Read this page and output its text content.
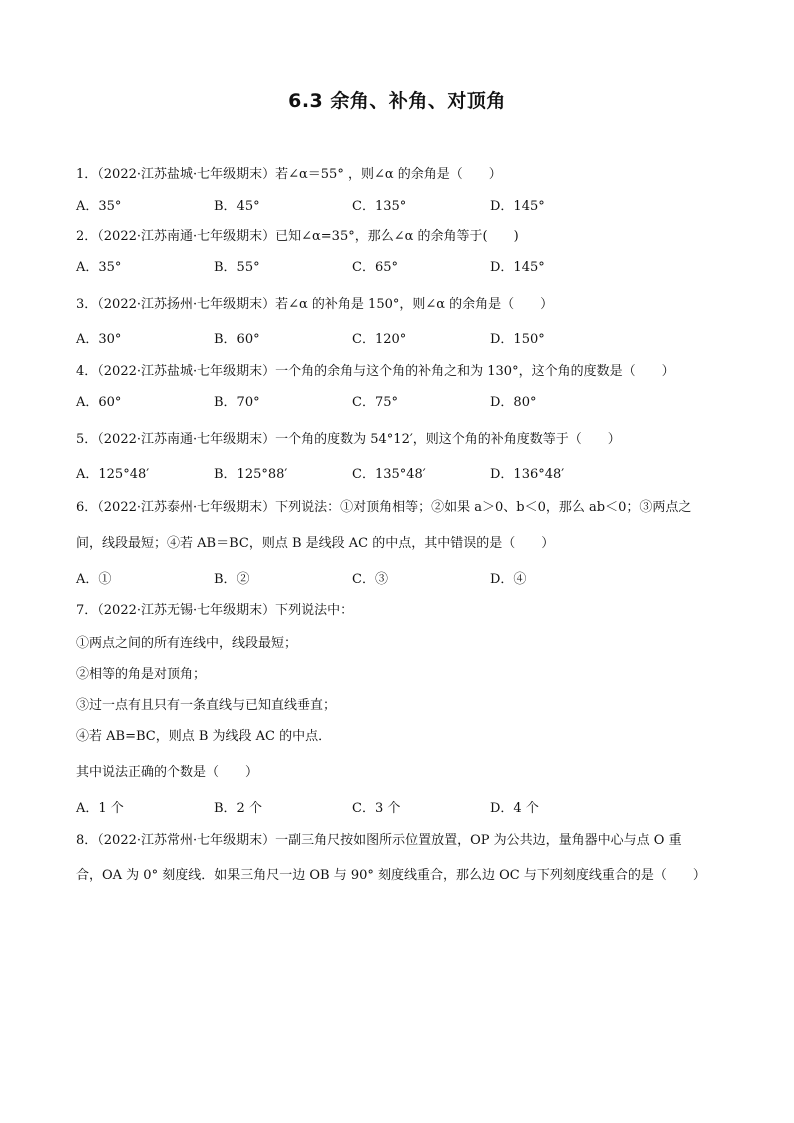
6.3 余角、补角、对顶角
1．（2022·江苏盐城·七年级期末）若∠α＝55° ，则∠α 的余角是（　　）
A．35°	B．45°	C．135°	D．145°
2．（2022·江苏南通·七年级期末）已知∠α=35°，那么∠α 的余角等于(　　)
A．35°	B．55°	C．65°	D．145°
3．（2022·江苏扬州·七年级期末）若∠α 的补角是 150°，则∠α 的余角是（　　）
A．30°	B．60°	C．120°	D．150°
4．（2022·江苏盐城·七年级期末）一个角的余角与这个角的补角之和为 130°，这个角的度数是（　　）
A．60°	B．70°	C．75°	D．80°
5．（2022·江苏南通·七年级期末）一个角的度数为 54°12′，则这个角的补角度数等于（　　）
A．125°48′	B．125°88′	C．135°48′	D．136°48′
6．（2022·江苏泰州·七年级期末）下列说法：①对顶角相等；②如果 a＞0、b＜0，那么 ab＜0；③两点之
间，线段最短；④若 AB＝BC，则点 B 是线段 AC 的中点，其中错误的是（　　）
A．①	B．②	C．③	D．④
7．（2022·江苏无锡·七年级期末）下列说法中：
①两点之间的所有连线中，线段最短；
②相等的角是对顶角；
③过一点有且只有一条直线与已知直线垂直；
④若 AB=BC，则点 B 为线段 AC 的中点．
其中说法正确的个数是（　　）
A．1 个	B．2 个	C．3 个	D．4 个
8．（2022·江苏常州·七年级期末）一副三角尺按如图所示位置放置，OP 为公共边，量角器中心与点 O 重
合，OA 为 0° 刻度线．如果三角尺一边 OB 与 90° 刻度线重合，那么边 OC 与下列刻度线重合的是（　　）
